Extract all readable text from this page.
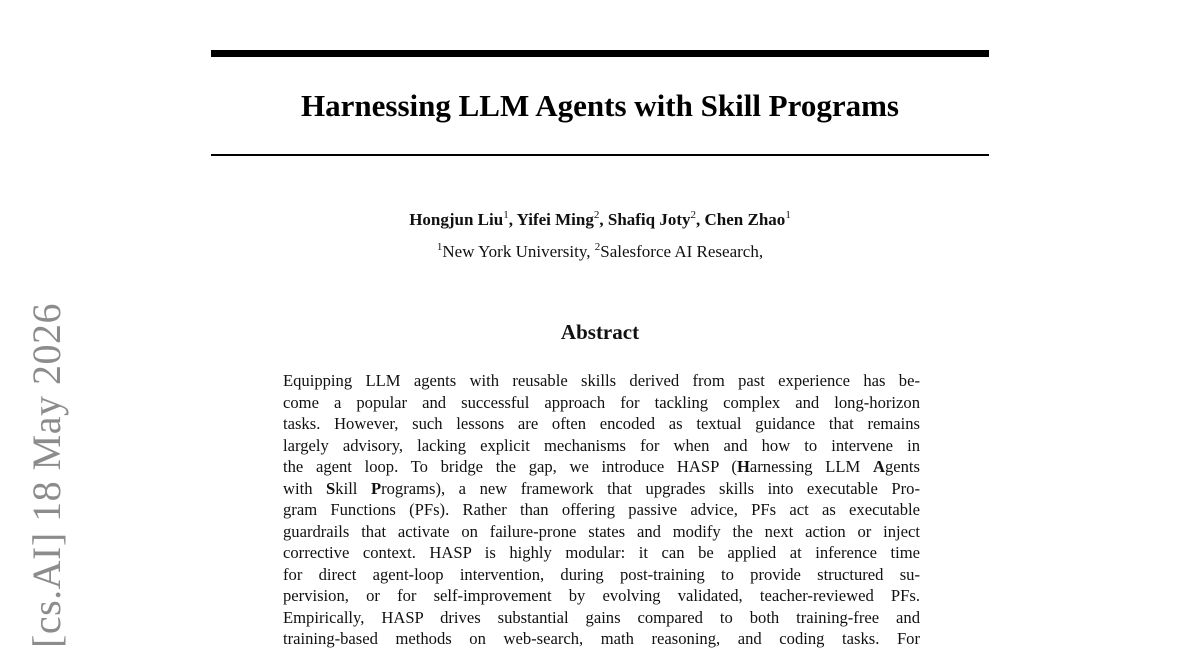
Harnessing LLM Agents with Skill Programs
Hongjun Liu$^1$, Yifei Ming$^2$, Shafiq Joty$^2$, Chen Zhao$^1$
$^1$New York University, $^2$Salesforce AI Research,
Abstract
Equipping LLM agents with reusable skills derived from past experience has be-
come a popular and successful approach for tackling complex and long-horizon
tasks. However, such lessons are often encoded as textual guidance that remains
largely advisory, lacking explicit mechanisms for when and how to intervene in
the agent loop. To bridge the gap, we introduce HASP (Harnessing LLM Agents
with Skill Programs), a new framework that upgrades skills into executable Pro-
gram Functions (PFs). Rather than offering passive advice, PFs act as executable
guardrails that activate on failure-prone states and modify the next action or inject
corrective context. HASP is highly modular: it can be applied at inference time
for direct agent-loop intervention, during post-training to provide structured su-
pervision, or for self-improvement by evolving validated, teacher-reviewed PFs.
Empirically, HASP drives substantial gains compared to both training-free and
training-based methods on web-search, math reasoning, and coding tasks. For
[cs.AI] 18 May 2026
